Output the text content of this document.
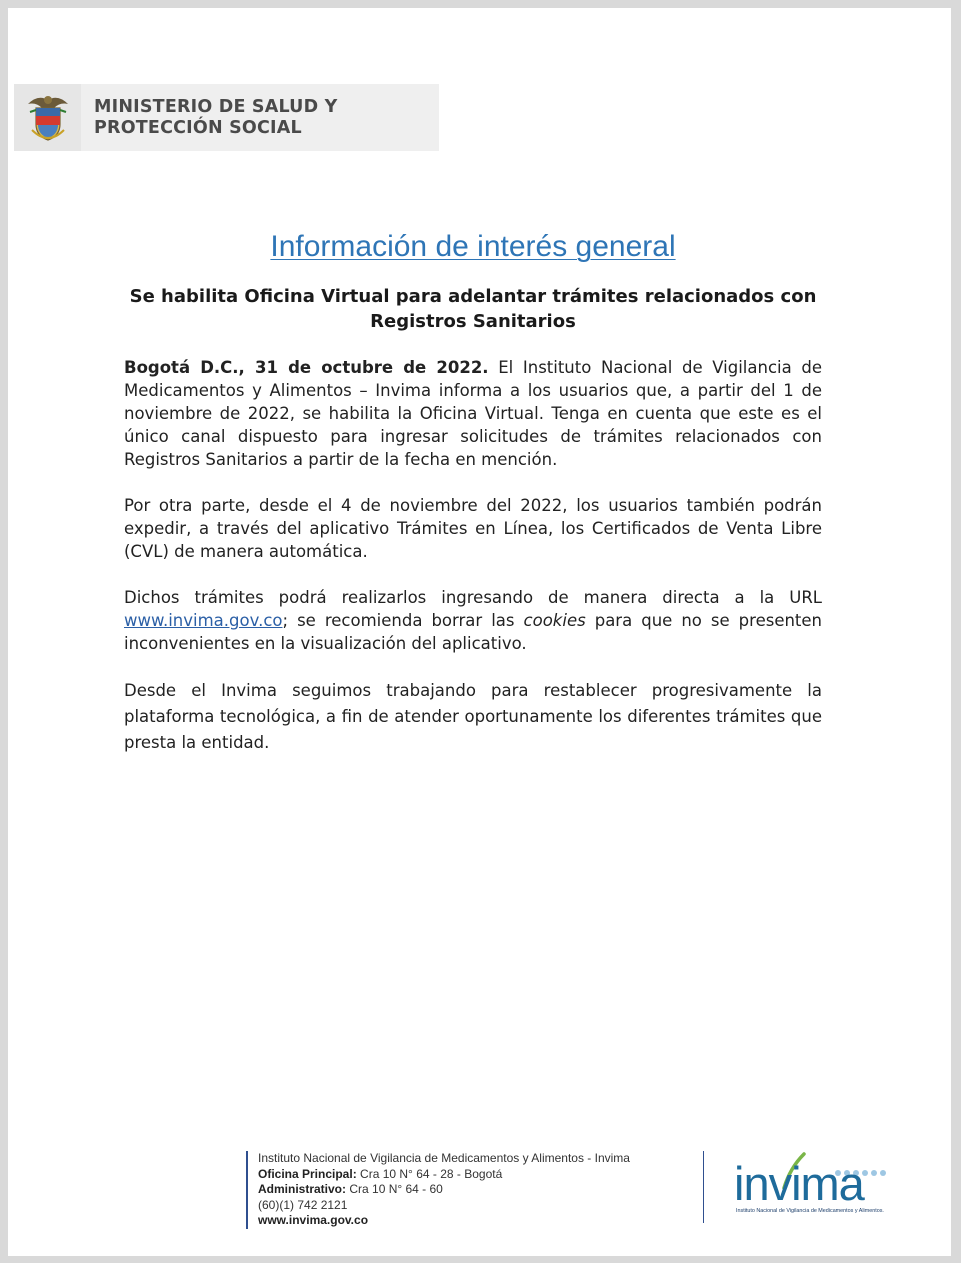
MINISTERIO DE SALUD Y
PROTECCIÓN SOCIAL
Información de interés general
Se habilita Oficina Virtual para adelantar trámites relacionados con Registros Sanitarios

Bogotá D.C., 31 de octubre de 2022. El Instituto Nacional de Vigilancia de Medicamentos y Alimentos – Invima informa a los usuarios que, a partir del 1 de noviembre de 2022, se habilita la Oficina Virtual. Tenga en cuenta que este es el único canal dispuesto para ingresar solicitudes de trámites relacionados con Registros Sanitarios a partir de la fecha en mención.

Por otra parte, desde el 4 de noviembre del 2022, los usuarios también podrán expedir, a través del aplicativo Trámites en Línea, los Certificados de Venta Libre (CVL) de manera automática.

Dichos trámites podrá realizarlos ingresando de manera directa a la URL www.invima.gov.co; se recomienda borrar las cookies para que no se presenten inconvenientes en la visualización del aplicativo.

Desde el Invima seguimos trabajando para restablecer progresivamente la plataforma tecnológica, a fin de atender oportunamente los diferentes trámites que presta la entidad.

Instituto Nacional de Vigilancia de Medicamentos y Alimentos - Invima
Oficina Principal: Cra 10 N° 64 - 28 - Bogotá
Administrativo: Cra 10 N° 64 - 60
(60)(1) 742 2121
www.invima.gov.co
invima
Instituto Nacional de Vigilancia de Medicamentos y Alimentos.
